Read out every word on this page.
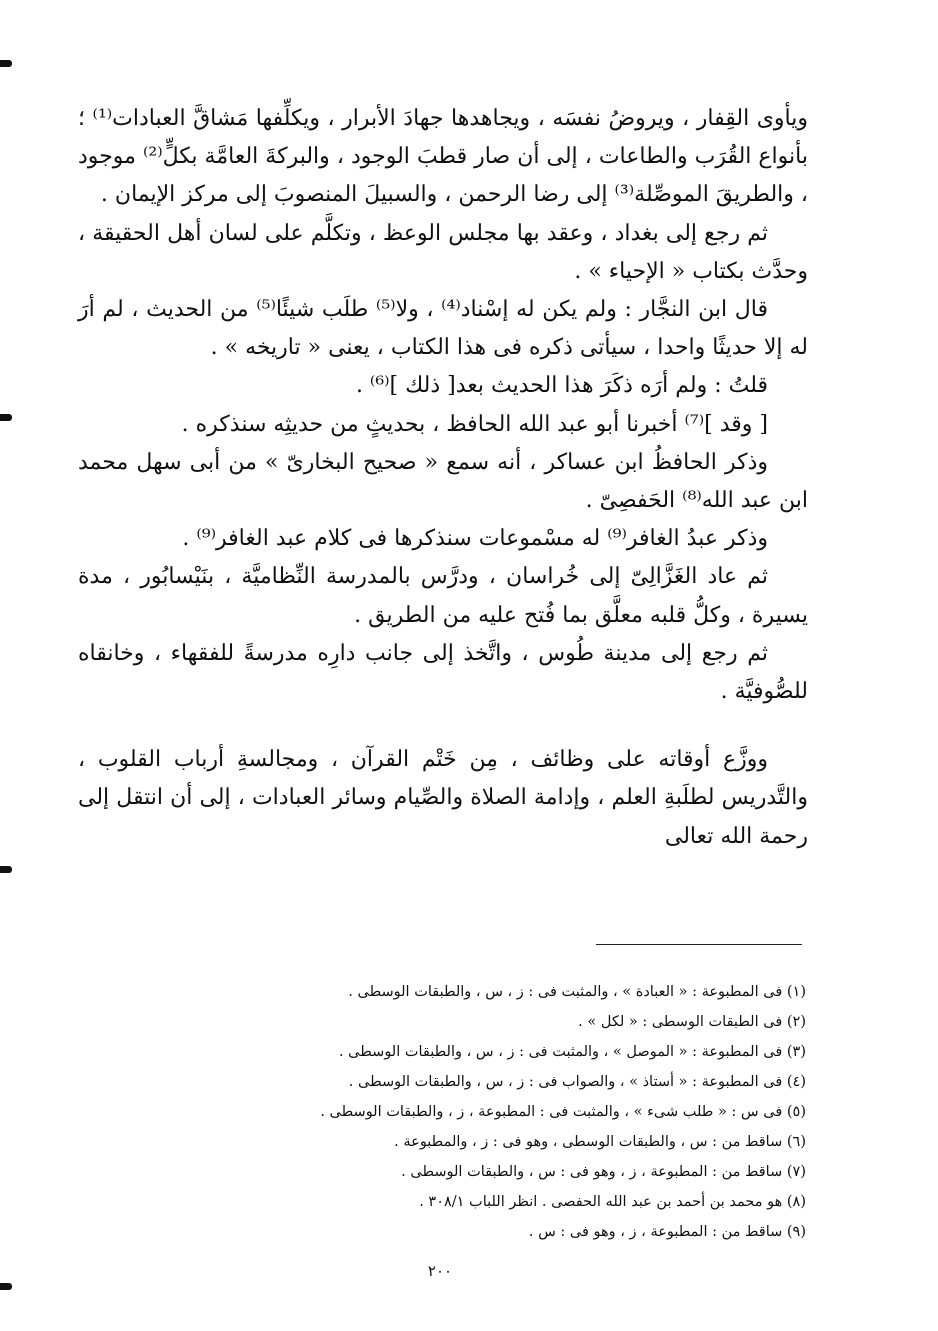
ويأوى القِفار ، ويروضُ نفسَه ، ويجاهدها جهادَ الأبرار ، ويكلِّفها مَشاقَّ العبادات⁽¹⁾ ؛ بأنواع القُرَب والطاعات ، إلى أن صار قطبَ الوجود ، والبركةَ العامَّة بكلٍّ⁽²⁾ موجود ، والطريقَ الموصِّلة⁽³⁾ إلى رضا الرحمن ، والسبيلَ المنصوبَ إلى مركز الإيمان .

ثم رجع إلى بغداد ، وعقد بها مجلس الوعظ ، وتكلَّم على لسان أهل الحقيقة ، وحدَّث بكتاب « الإحياء » .

قال ابن النجَّار : ولم يكن له إسْناد⁽⁴⁾ ، ولا⁽⁵⁾ طلَب شيئًا⁽⁵⁾ من الحديث ، لم أرَ له إلا حديثًا واحدا ، سيأتى ذكره فى هذا الكتاب ، يعنى « تاريخه » .

قلتُ : ولم أرَه ذكَرَ هذا الحديث بعد[ ذلك ]⁽⁶⁾ .

[ وقد ]⁽⁷⁾ أخبرنا أبو عبد الله الحافظ ، بحديثٍ من حديثِه سنذكره .

وذكر الحافظُ ابن عساكر ، أنه سمع « صحيح البخارىّ » من أبى سهل محمد ابن عبد الله⁽⁸⁾ الحَفصِىّ .

وذكر عبدُ الغافر⁽⁹⁾ له مسْموعات سنذكرها فى كلام عبد الغافر⁽⁹⁾ .

ثم عاد الغَزَّالِىّ إلى خُراسان ، ودرَّس بالمدرسة النِّظاميَّة ، بنَيْسابُور ، مدة يسيرة ، وكلُّ قلبه معلَّق بما فُتح عليه من الطريق .

ثم رجع إلى مدينة طُوس ، واتَّخذ إلى جانب دارِه مدرسةً للفقهاء ، وخانقاه للصُّوفيَّة .

ووزَّع أوقاته على وظائف ، مِن خَتْم القرآن ، ومجالسةِ أرباب القلوب ، والتَّدريس لطلَبةِ العلم ، وإدامة الصلاة والصِّيام وسائر العبادات ، إلى أن انتقل إلى رحمة الله تعالى

(١) فى المطبوعة : « العبادة » ، والمثبت فى : ز ، س ، والطبقات الوسطى .
(٢) فى الطبقات الوسطى : « لكل » .
(٣) فى المطبوعة : « الموصل » ، والمثبت فى : ز ، س ، والطبقات الوسطى .
(٤) فى المطبوعة : « أستاذ » ، والصواب فى : ز ، س ، والطبقات الوسطى .
(٥) فى س : « طلب شىء » ، والمثبت فى : المطبوعة ، ز ، والطبقات الوسطى .
(٦) ساقط من : س ، والطبقات الوسطى ، وهو فى : ز ، والمطبوعة .
(٧) ساقط من : المطبوعة ، ز ، وهو فى : س ، والطبقات الوسطى .
(٨) هو محمد بن أحمد بن عبد الله الحفصى . انظر اللباب ٣٠٨/١ .
(٩) ساقط من : المطبوعة ، ز ، وهو فى : س .
٢٠٠
